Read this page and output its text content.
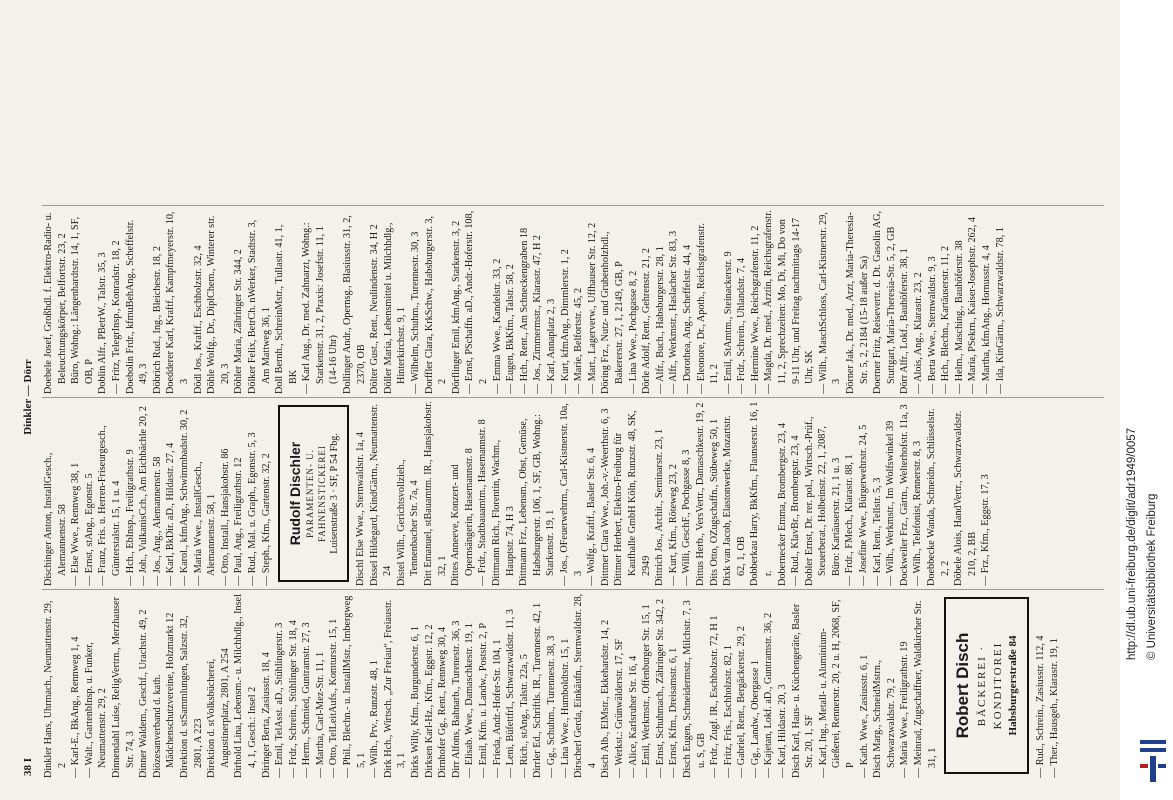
38 I
Dinkler — Dörr

Dinkler Hans, Uhrmach., Neumattenstr. 29, 2 — Karl-E., BkAng., Rennweg 1, 4 — Walt., GartenbInsp. u. Funker, Neumattenstr. 29, 2 Dinnendahl Luise, ReligVertrn., Merzhauser Str. 74, 3 Dinner Waldem., Geschf., Urachstr. 49, 2 Diözesanverband d. kath. Mädchenschutzvereine, Holzmarkt 12 Direktion d. stSammlungen, Salzstr. 32, 2801, A 223 Direktion d. stVolksbüchereí, Augustinerplatz, 2801, A 254 Dirhold Lina, Lebensm.- u. Milchhdlg., Insel 4, 1, Gesch.: Insel 2 Diringer Berta, Zasiusstr. 18, 4 — Emil, TelAsst. aD., Stühlingerstr. 3 — Frdr., Schrein., Stühlinger Str. 18, 4 — Herm., Schmied, Guntramstr. 27, 3 — Martha, Carl-Mez-Str. 11, 1 — Otto, TelLeitAufs., Komturstr. 15, 1 — Phil., Blechn.- u. InstallMstr., Imbergweg 5, 1 — Wilh., Prv., Runzstr. 48, 1 Dirk Hch., Wirtsch. „Zur Freiau“, Freiaustr. 3, 1 Dirks Willy, Kfm., Burgunderstr. 6, 1 Dirksen Karl-Hz., Kfm., Eggstr. 12, 2 Dirnhofer Gg., Rent., Rennweg 30, 4 Dirr Alfons, Bahnarb., Turenestr. 36, 3 — Elisab. Wwe., Damaschkestr. 19, 1 — Emil, Kfm. u. Landw., Poststr. 2, P — Frieda, Andr.-Hofer-Str. 104, 1 — Leni, Büfettfrl., Schwarzwaldstr. 11, 3 — Rich., stAng., Talstr. 22a, 5 Dirrler Ed., Schriftls. IR., Turennestr. 42, 1 — Gg., Schuhm., Turennestr. 38, 3 — Lina Wwe., Humboldtstr. 15, 1 Dirscherl Gerda, Einkäufn., Sternwaldstr. 28, 4 Disch Alb., ElMstr., Ekkehardstr. 14, 2 — Werkst.: Grünwälderstr. 17, SF — Alice, Karlsruher Str. 16, 4 — Emil, Werkmstr., Offenburger Str. 15, 1 — Ernst, Schuhmach., Zähringer Str. 342, 2 — Ernst, Kfm., Dreisamstr. 6, 1 Disch Eugen, Schneidermstr., Milchstr. 7, 3 u. S, GB — Frdr., Zugf. IR., Eschholzstr. 72, H 1 — Fritz, Fris., Eschholzstr. 82, 1 — Gabriel, Rent., Bergäckerstr. 29, 2 — Gg., Landw., Obergasse 1 — Kajetan, Lokf. aD., Guntramstr. 36, 2 — Karl, Hildastr. 20, 3 Disch Karl, Haus- u. Küchengeräte, Basler Str. 20, 1, SF — Karl, Ing., Metall- u. Aluminium-Gießerei, Rennerstr. 20, 2 u. H, 2068, SF, P — Kath. Wwe., Zasiusstr. 6, 1 Disch Marg., SchneidMstrn., Schwarzwaldstr. 79, 2 — Maria Wwe., Freiligrathstr. 19 — Meinrad, Zugschaffner, Waldkircher Str. 31, 1

Robert Disch BÄCKEREI · KONDITOREI Habsburgerstraße 84 — Rud., Schrein., Zasiusstr. 112, 4 — Ther., Hausgeh., Klarastr. 19, 1

Dischinger Anton, InstallGesch., Alemannenstr. 58 — Else Wwe., Rennweg 38, 1 — Ernst, stAng., Egonstr. 5 — Franz, Fris. u. Herren-Friseurgesch., Günterstalstr. 15, 1 u. 4 — Hch., EbInsp., Freiligrathstr. 9 — Joh., VulkanisCch., Am Eichbächle 20, 2 — Jos., Ang., Alemannenstr. 58 — Karl, BkDir. aD., Hildastr. 27, 4 — Karol., kfmAng., Schwimmbadstr. 30, 2 — Maria Wwe., InstallGesch., Alemannenstr. 58, 1 — Otto, Install., Hansjakobstr. 86 — Paul, Ang., Freiligrathstr. 12 — Rud., Mal. u. Graph., Egonstr. 5, 3 — Steph., Kfm., Gartenstr. 32, 2 Rudolf Dischler PARAMENTEN- U. FAHNENSTICKEREI Luisenstraße 3 · SF, P 54 Fbg. Dischl Else Wwe., Sternwaldstr. 1a, 4 Dissel Hildegard, KindGärtn., Neumattenstr. 24 Distel Wilh., Gerichtsvollzieh., Tennenbacher Str. 7a, 4 Ditt Emanuel, stBauamtm. IR., Hansjakobstr. 32, 1 Dittes Anneeve, Konzert- und Opernsängerin, Hasemannstr. 8 — Frdr., Stadtbauamtm., Hasemannstr. 8 Dittmann Rich., Florentin, Wachm., Hauptstr. 74, H 3 Dittmann Frz., Lebensm., Obst, Gemüse, Habsburgerstr. 106, 1, SF, GB, Wohng.: Starkenstr. 19, 1 — Jos., OFeuerwehrm., Carl-Kistnerstr. 10a, 3 — Wolfg., Kraftf., Basler Str. 6, 4 Dittmer Clara Wwe., Joh.-v.-Weerthstr. 6, 3 Dittmer Herbert, Elektro-Freiburg für Kaufhalle GmbH Köln, Runzstr. 48, SK, 2949 Dittrich Jos., Archit., Seminarstr. 23, 1 — Kurt, Kfm., Röteweg 23, 2 — Willi, GeschF., Pochgasse 8, 3 Dittus Herb., VersVertr., Damaschkestr. 19, 2 Dits Otto, OZugschaffn., Stübeweg 50, 1 Dixk van Jacob, Elastonwerke, Mozartstr. 62, 1, OB Dobberkau Harry, BkKfm., Flaunserstr. 16, 1 r. Dobernecker Emma, Brombergstr. 23, 4 — Rud., KlavBr., Brombergstr. 23, 4 Dobler Ernst, Dr. rer. pol., Wirtsch.-Prüf., Steuerberat., Holbeinstr. 22, 1, 2087, Büro: Kartäuserstr. 21, 1 u. 3 — Frdr., FMech., Klarastr. 88, 1 — Josefine Wwe., Bürgerwehrstr. 24, 5 — Karl, Rent., Tellstr. 5, 3 — Wilh., Werkmstr., Im Wolfswinkel 39 Dockweiler Frz., Gärtn., Welterhofstr. 11a, 3 — Wilh., Telefonist, Rennerstr. 8, 3 Doebbecke Wanda, Schneidn., Schlüsselstr. 2, 2 Döbele Alois, HandVertr., Schwarzwaldstr. 210, 2, BB — Frz., Kfm., Eggstr. 17, 3

Doebele Josef, Großhdl. f. Elektro-Radio- u. Beleuchtungskörper, Belfortstr. 23, 2 Büro, Wohng.: Längenhardtstr. 14, 1, SF, OB, P Doblin Alfr., PBetrW., Talstr. 35, 3 — Fritz, TelegrInsp., Konradstr. 18, 2 Doebolin Frdr., kfmuBehAng., Scheffelstr. 49, 3 Döbrich Rud., Ing., Bleichestr. 18, 2 Doedderer Karl, Kraftf., Kampfmeyerstr. 10, 3 Dödl Jos., Kraftf., Eschholzstr. 32, 4 Döhle Wolfg., Dr., DiplChem., Winterer str. 20, 3 Döhler Maria, Zähringer Str. 344, 2 Dölker Felix, BetrCh. nWerker, Stadtstr. 3, Am Mattweg 36, 1 Doll Bernh., SchreinMstr., Tullastr. 41, 1, BK — Karl Aug., Dr. med. Zahnarzt, Wohng.: Starkenstr. 31, 2, Praxis: Josefstr. 11, 1 (14-16 Uhr) Dollinger Andr., Opernsg., Blasiusstr. 31, 2, 2370, OB Dölter Gust., Rent., Neulindenstr. 34, H 2 Döller Maria, Lebensmittel u. Milchhdlg., Hinterkirchstr. 9, 1 — Wilhelm, Schuhm., Turennestr. 30, 3 Dorffler Clara, KrkSchw., Habsburgerstr. 3, 2 Dörflinger Emil, kfmAng., Starkenstr. 3, 2 — Ernst, PSchaffn. aD., Andr.-Hoferstr. 108, 2 — Emma Wwe., Kandelstr. 33, 2 — Eugen, BkKfm., Talstr. 58, 2 — Hch., Rent., Am Schneckengraben 18 — Jos., Zimmermstr., Klarastr. 47, H 2 — Karl, Annaplatz 2, 3 — Kurt, kfmAng., Dimmlerstr. 1, 2 — Marie, Belfortstr. 45, 2 — Mart., Lagerverw., Uffhauser Str. 12, 2 Döring Frz., Nutz- und Grubenholzhdl., Bakererstr. 27, 1, 2149, GB, P — Lina Wwe., Pochgasse 8, 2 Dörle Adolf, Rent., Gehrenstr. 21, 2 — Alfr., Buch., Habsburgerstr. 28, 1 — Alfr., Werkmstr., Haslacher Str. 83, 3 — Dorothea, Ang., Scheffelstr. 44, 4 — Eleonore, Dr., Apoth., Reichsgrafenstr. 11, 2 — Emil, StAmtm., Steinackerstr. 9 — Frdr., Schrein., Uhlandstr. 7, 4 — Hermine Wwe., Reichsgrafenstr. 11, 2 — Magda, Dr. med., Ärztin, Reichsgrafenstr. 11, 2, Sprechzeiten: Mo, Di, Mi, Do von 9-11 Uhr, und Freitag nachmittags 14-17 Uhr, SK — Wilh., MaschSchloss, Carl-Kistnerstr. 29, 3 Dörner Jak., Dr. med., Arzt, Maria-Theresia-Str. 5, 2, 2184 (15-18 außer Sa) Doerner Fritz, Reisevertr. d. Dt. Gasolin AG, Stuttgart, Maria-Theresia-Str. 5, 2, GB Dörr Alfr., Lokf., Bauhöferstr. 38, 1 — Alois, Ang., Klarastr. 23, 2 — Berta Wwe., Sternwaldstr. 9, 3 — Hch., Blechn., Kartäuserstr. 11, 2 — Helm., Masching., Bauhöferstr. 38 — Maria, PSekrn., Kaiser-Josephstr. 262, 4 — Martha, kfmAng., Hornusstr. 4, 4 — Ida, KinGärtn., Schwarzwaldstr. 78, 1

http://dl.ub.uni-freiburg.de/diglit/adr1949/0057 © Universitätsbibliothek Freiburg
